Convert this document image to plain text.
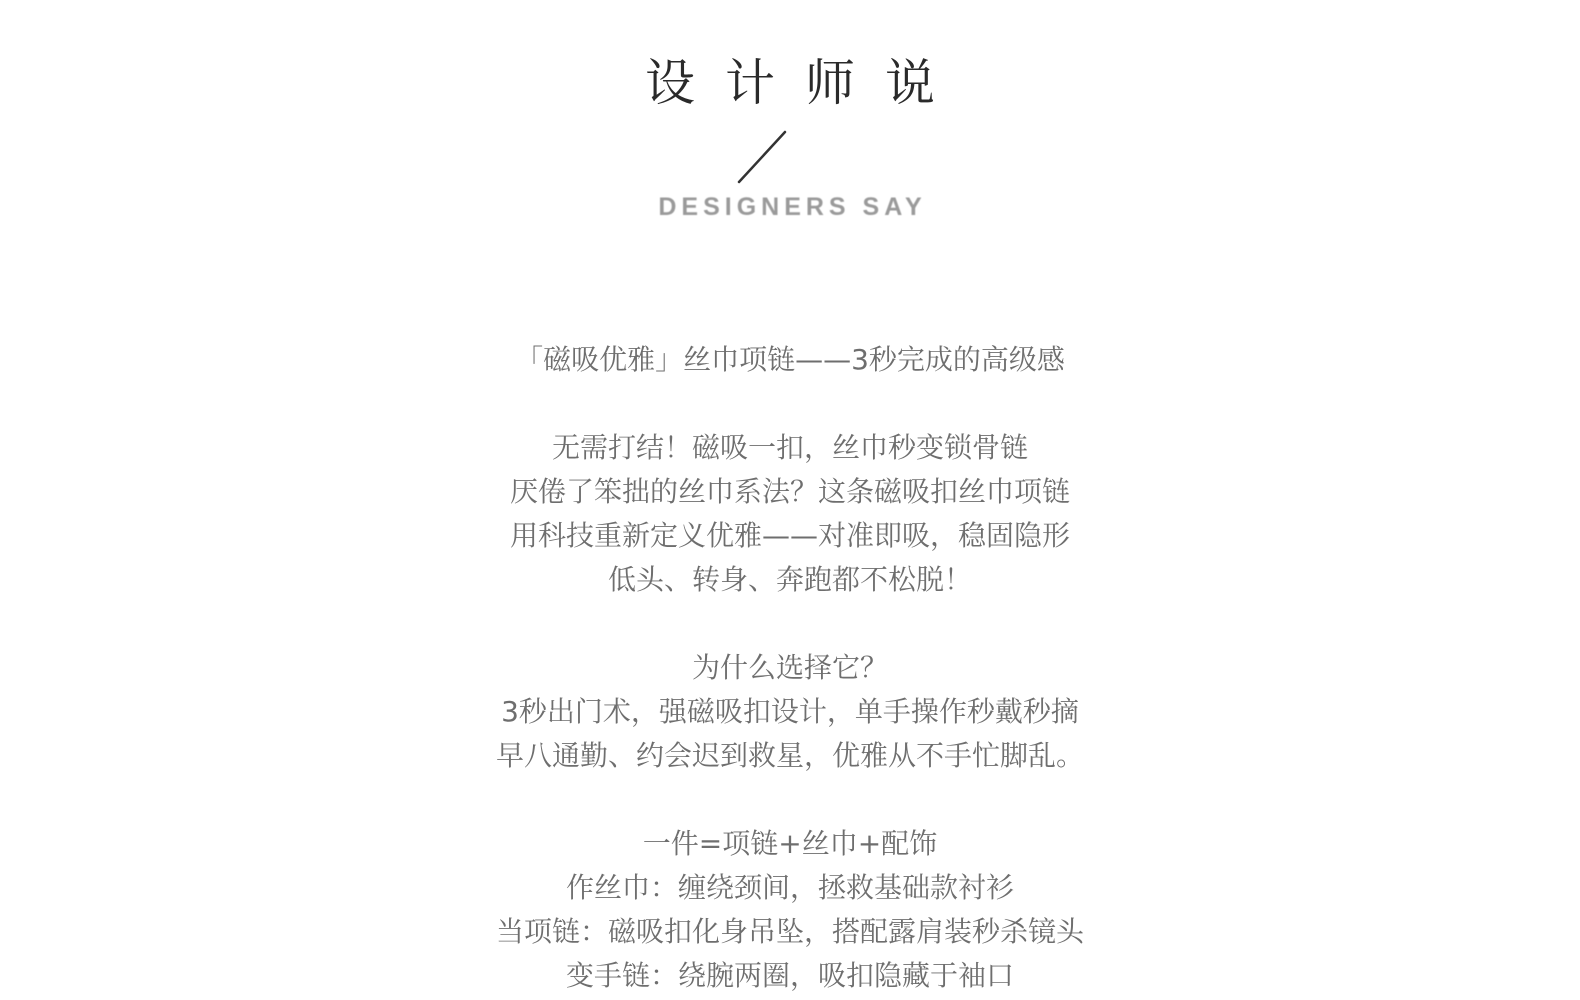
设计师说
DESIGNERS SAY
「磁吸优雅」丝巾项链——3秒完成的高级感
无需打结！磁吸一扣，丝巾秒变锁骨链
厌倦了笨拙的丝巾系法？这条磁吸扣丝巾项链
用科技重新定义优雅——对准即吸，稳固隐形
低头、转身、奔跑都不松脱！
为什么选择它？
3秒出门术，强磁吸扣设计，单手操作秒戴秒摘
早八通勤、约会迟到救星，优雅从不手忙脚乱。
一件=项链+丝巾+配饰
作丝巾：缠绕颈间，拯救基础款衬衫
当项链：磁吸扣化身吊坠，搭配露肩装秒杀镜头
变手链：绕腕两圈，吸扣隐藏于袖口
